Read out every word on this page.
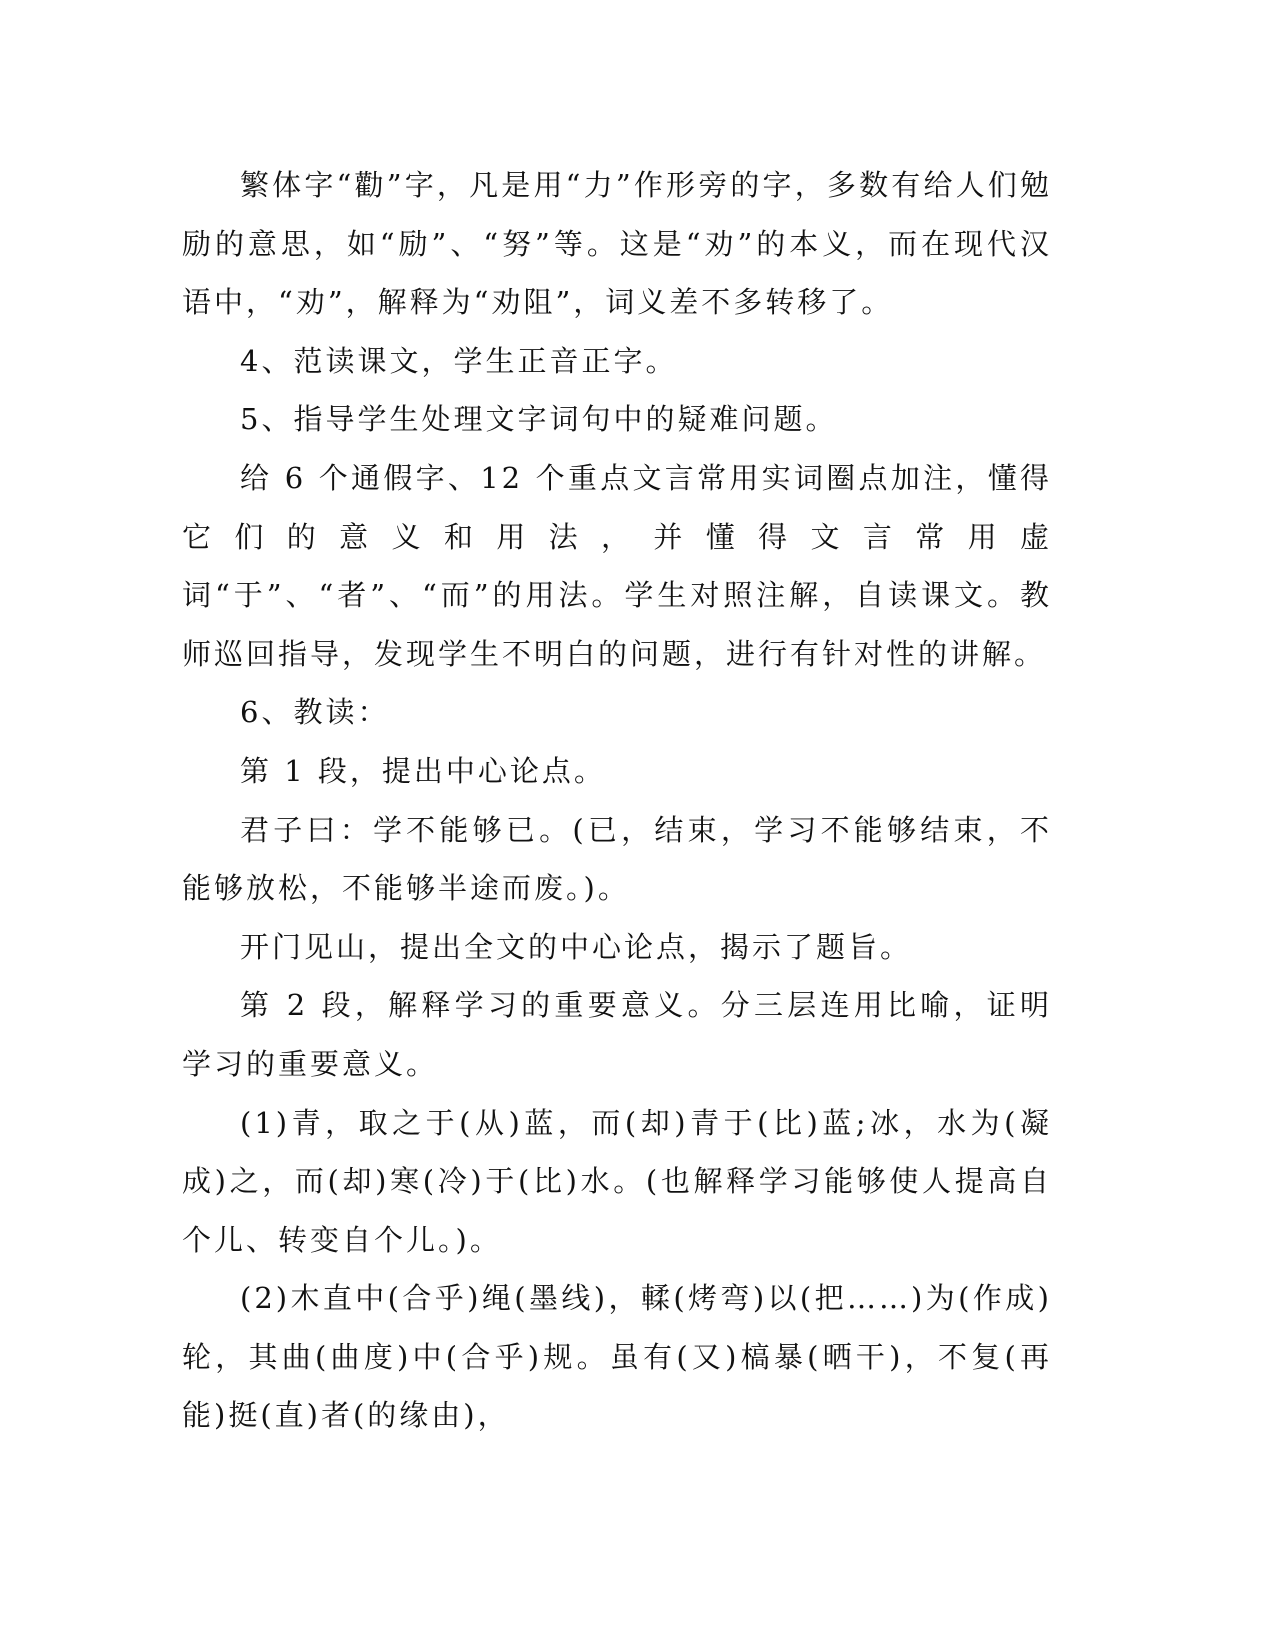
繁体字“勸”字，凡是用“力”作形旁的字，多数有给人们勉励的意思，如“励”、“努”等。这是“劝”的本义，而在现代汉语中，“劝”，解释为“劝阻”，词义差不多转移了。

4、范读课文，学生正音正字。

5、指导学生处理文字词句中的疑难问题。

给 6 个通假字、12 个重点文言常用实词圈点加注，懂得它们的意义和用法，并懂得文言常用虚词“于”、“者”、“而”的用法。学生对照注解，自读课文。教师巡回指导，发现学生不明白的问题，进行有针对性的讲解。

6、教读：

第 1 段，提出中心论点。

君子曰：学不能够已。(已，结束，学习不能够结束，不能够放松，不能够半途而废。)。

开门见山，提出全文的中心论点，揭示了题旨。

第 2 段，解释学习的重要意义。分三层连用比喻，证明学习的重要意义。

(1)青，取之于(从)蓝，而(却)青于(比)蓝;冰，水为(凝成)之，而(却)寒(冷)于(比)水。(也解释学习能够使人提高自个儿、转变自个儿。)。

(2)木直中(合乎)绳(墨线)，輮(烤弯)以(把……)为(作成)轮，其曲(曲度)中(合乎)规。虽有(又)槁暴(晒干)，不复(再能)挺(直)者(的缘由)，
